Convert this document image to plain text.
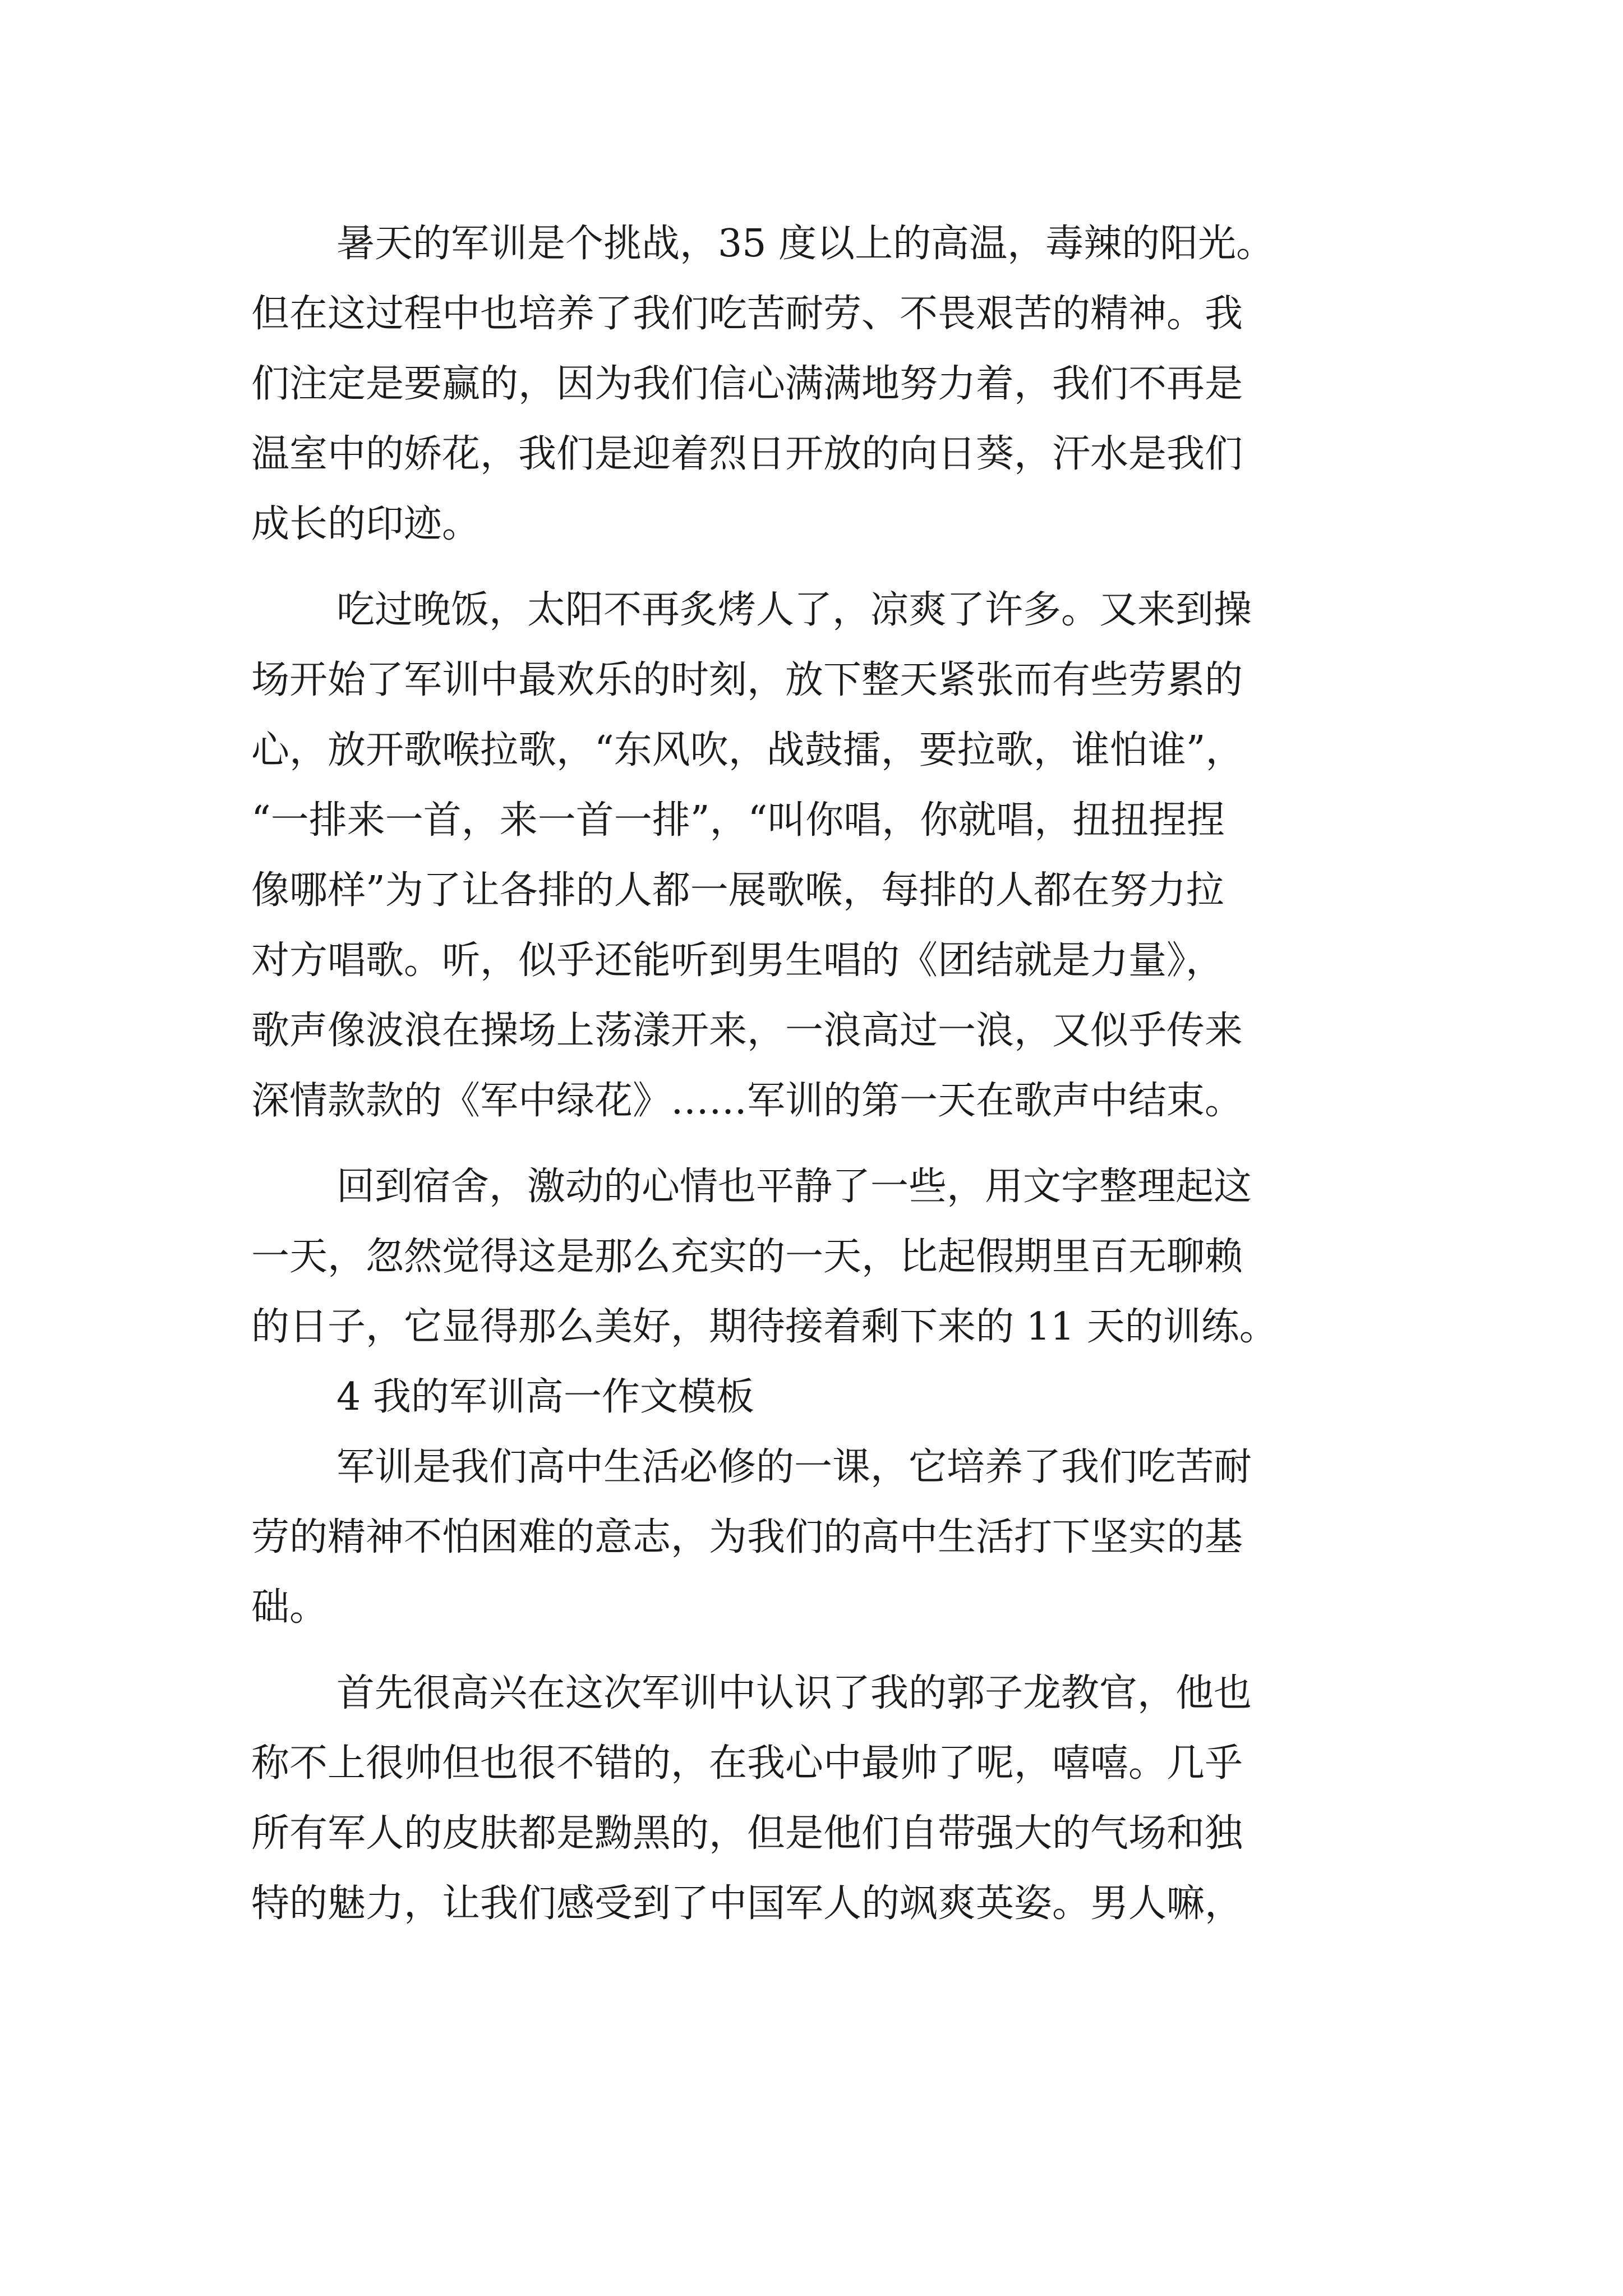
暑天的军训是个挑战，35 度以上的高温，毒辣的阳光。
但在这过程中也培养了我们吃苦耐劳、不畏艰苦的精神。我
们注定是要赢的，因为我们信心满满地努力着，我们不再是
温室中的娇花，我们是迎着烈日开放的向日葵，汗水是我们
成长的印迹。

吃过晚饭，太阳不再炙烤人了，凉爽了许多。又来到操
场开始了军训中最欢乐的时刻，放下整天紧张而有些劳累的
心，放开歌喉拉歌，“东风吹，战鼓擂，要拉歌，谁怕谁”，
“一排来一首，来一首一排”，“叫你唱，你就唱，扭扭捏捏
像哪样”为了让各排的人都一展歌喉，每排的人都在努力拉
对方唱歌。听，似乎还能听到男生唱的《团结就是力量》，
歌声像波浪在操场上荡漾开来，一浪高过一浪，又似乎传来
深情款款的《军中绿花》……军训的第一天在歌声中结束。

回到宿舍，激动的心情也平静了一些，用文字整理起这
一天，忽然觉得这是那么充实的一天，比起假期里百无聊赖
的日子，它显得那么美好，期待接着剩下来的 11 天的训练。

4 我的军训高一作文模板

军训是我们高中生活必修的一课，它培养了我们吃苦耐
劳的精神不怕困难的意志，为我们的高中生活打下坚实的基
础。

首先很高兴在这次军训中认识了我的郭子龙教官，他也
称不上很帅但也很不错的，在我心中最帅了呢，嘻嘻。几乎
所有军人的皮肤都是黝黑的，但是他们自带强大的气场和独
特的魅力，让我们感受到了中国军人的飒爽英姿。男人嘛，
